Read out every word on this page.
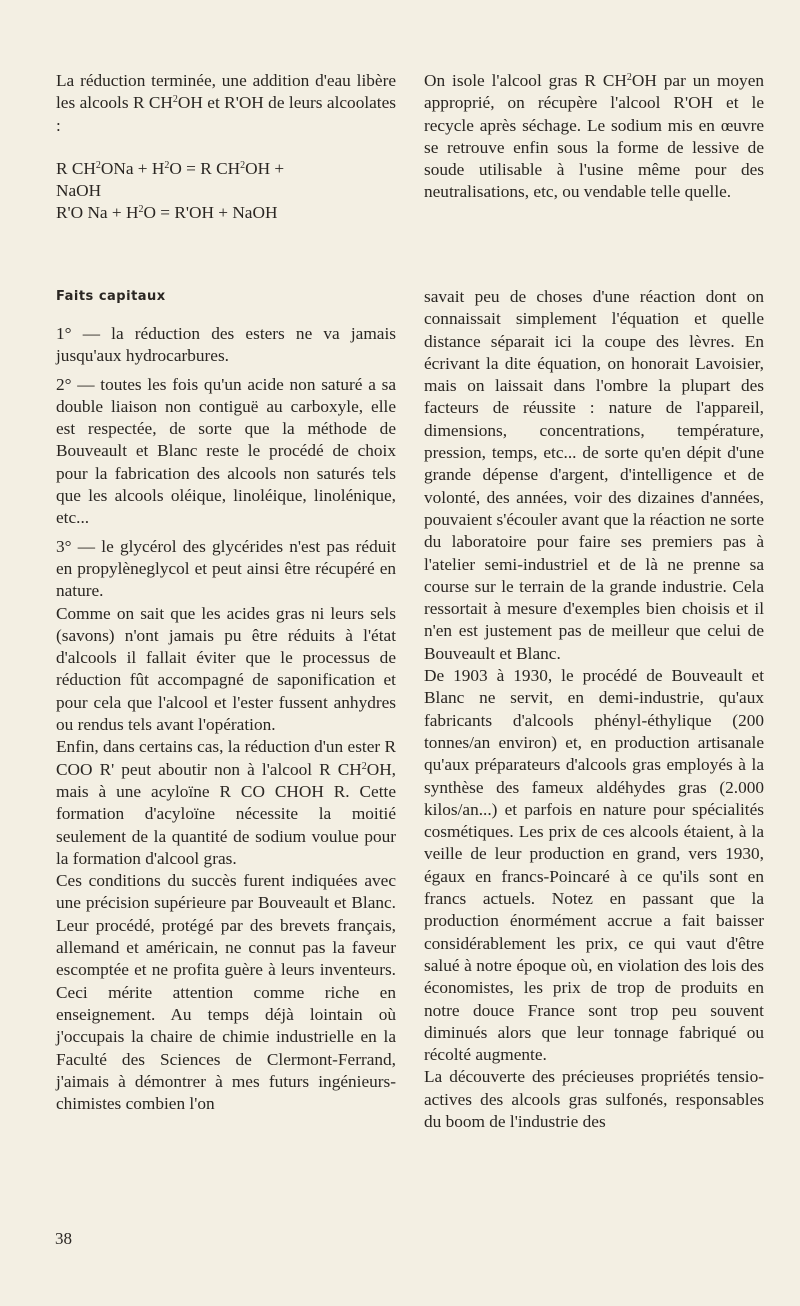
La réduction terminée, une addition d'eau libère les alcools R $CH^2OH$ et R'OH de leurs alcoolates :

R $CH^2ONa + H^2O = R$ $CH^2OH$ +
NaOH

R'O $Na + H^2O = R'OH$ + NaOH

On isole l'alcool gras R $CH^2OH$ par un moyen approprié, on récupère l'alcool R'OH et le recycle après séchage. Le sodium mis en œuvre se retrouve enfin sous la forme de lessive de soude utilisable à l'usine même pour des neutralisations, etc, ou vendable telle quelle.

Faits capitaux

1° — la réduction des esters ne va jamais jusqu'aux hydrocarbures.

2° — toutes les fois qu'un acide non saturé a sa double liaison non contiguë au carboxyle, elle est respectée, de sorte que la méthode de Bouveault et Blanc reste le procédé de choix pour la fabrication des alcools non saturés tels que les alcools oléique, linoléique, linolénique, etc...

3° — le glycérol des glycérides n'est pas réduit en propylèneglycol et peut ainsi être récupéré en nature.

Comme on sait que les acides gras ni leurs sels (savons) n'ont jamais pu être réduits à l'état d'alcools il fallait éviter que le processus de réduction fût accompagné de saponification et pour cela que l'alcool et l'ester fussent anhydres ou rendus tels avant l'opération.

Enfin, dans certains cas, la réduction d'un ester R COO R' peut aboutir non à l'alcool R $CH^2OH$, mais à une acyloïne R CO CHOH R. Cette formation d'acyloïne nécessite la moitié seulement de la quantité de sodium voulue pour la formation d'alcool gras.

Ces conditions du succès furent indiquées avec une précision supérieure par Bouveault et Blanc. Leur procédé, protégé par des brevets français, allemand et américain, ne connut pas la faveur escomptée et ne profita guère à leurs inventeurs. Ceci mérite attention comme riche en enseignement. Au temps déjà lointain où j'occupais la chaire de chimie industrielle en la Faculté des Sciences de Clermont-Ferrand, j'aimais à démontrer à mes futurs ingénieurs-chimistes combien l'on

savait peu de choses d'une réaction dont on connaissait simplement l'équation et quelle distance séparait ici la coupe des lèvres. En écrivant la dite équation, on honorait Lavoisier, mais on laissait dans l'ombre la plupart des facteurs de réussite : nature de l'appareil, dimensions, concentrations, température, pression, temps, etc... de sorte qu'en dépit d'une grande dépense d'argent, d'intelligence et de volonté, des années, voir des dizaines d'années, pouvaient s'écouler avant que la réaction ne sorte du laboratoire pour faire ses premiers pas à l'atelier semi-industriel et de là ne prenne sa course sur le terrain de la grande industrie. Cela ressortait à mesure d'exemples bien choisis et il n'en est justement pas de meilleur que celui de Bouveault et Blanc.

De 1903 à 1930, le procédé de Bouveault et Blanc ne servit, en demi-industrie, qu'aux fabricants d'alcools phényl-éthylique (200 tonnes/an environ) et, en production artisanale qu'aux préparateurs d'alcools gras employés à la synthèse des fameux aldéhydes gras (2.000 kilos/an...) et parfois en nature pour spécialités cosmétiques. Les prix de ces alcools étaient, à la veille de leur production en grand, vers 1930, égaux en francs-Poincaré à ce qu'ils sont en francs actuels. Notez en passant que la production énormément accrue a fait baisser considérablement les prix, ce qui vaut d'être salué à notre époque où, en violation des lois des économistes, les prix de trop de produits en notre douce France sont trop peu souvent diminués alors que leur tonnage fabriqué ou récolté augmente.

La découverte des précieuses propriétés tensio-actives des alcools gras sulfonés, responsables du boom de l'industrie des

38
